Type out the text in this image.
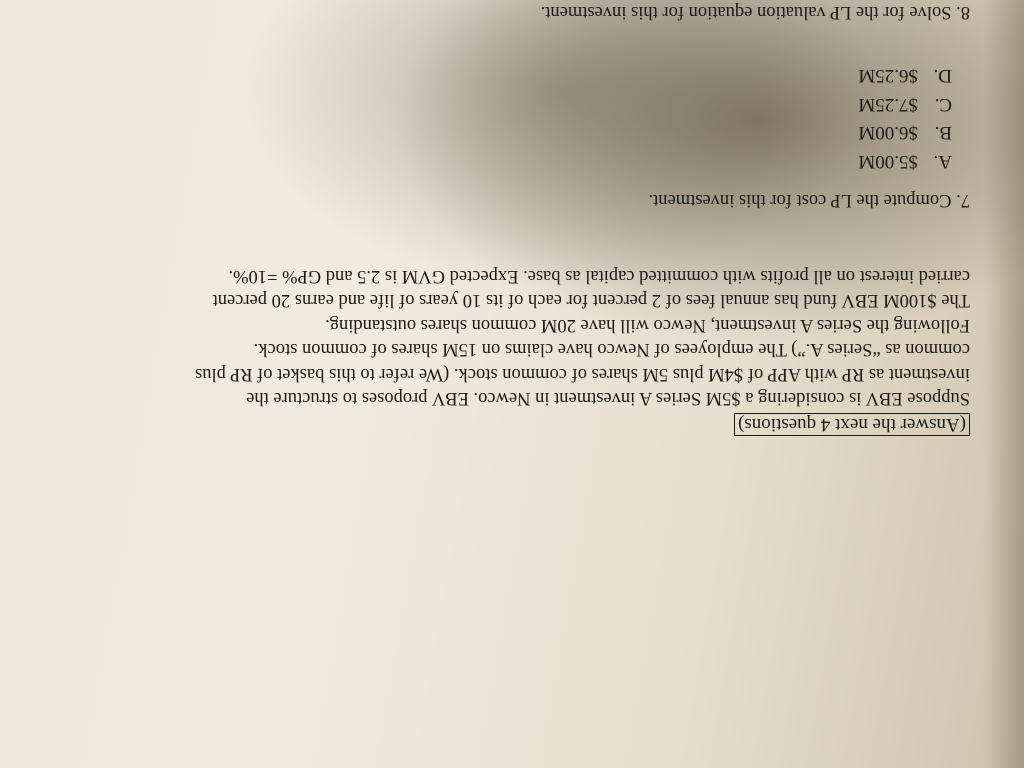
(Answer the next 4 questions)
Suppose EBV is considering a $5M Series A investment in Newco. EBV proposes to structure the
investment as RP with APP of $4M plus 5M shares of common stock. (We refer to this basket of RP plus
common as “Series A.”) The employees of Newco have claims on 15M shares of common stock.
Following the Series A investment, Newco will have 20M common shares outstanding.
The $100M EBV fund has annual fees of 2 percent for each of its 10 years of life and earns 20 percent
carried interest on all profits with committed capital as base. Expected GVM is 2.5 and GP% =10%.
7. Compute the LP cost for this investment.
A.$5.00M
B.$6.00M
C.$7.25M
D.$6.25M
8. Solve for the LP valuation equation for this investment.
